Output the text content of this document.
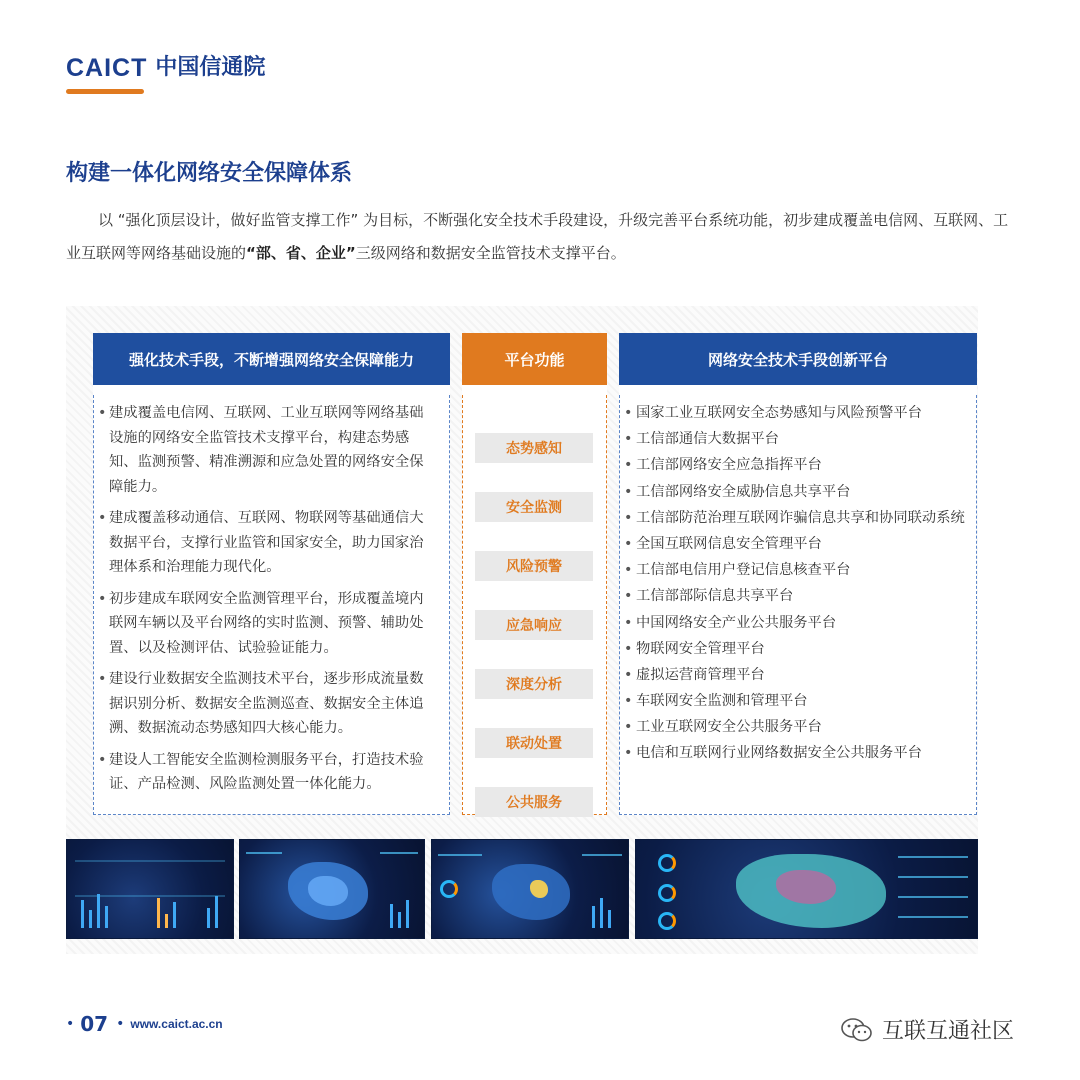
CAICT 中国信通院
构建一体化网络安全保障体系
以 “强化顶层设计，做好监管支撑工作” 为目标，不断强化安全技术手段建设，升级完善平台系统功能，初步建成覆盖电信网、互联网、工业互联网等网络基础设施的“部、省、企业”三级网络和数据安全监管技术支撑平台。
强化技术手段，不断增强网络安全保障能力
• 建成覆盖电信网、互联网、工业互联网等网络基础设施的网络安全监管技术支撑平台，构建态势感知、监测预警、精准溯源和应急处置的网络安全保障能力。
• 建成覆盖移动通信、互联网、物联网等基础通信大数据平台，支撑行业监管和国家安全，助力国家治理体系和治理能力现代化。
• 初步建成车联网安全监测管理平台，形成覆盖境内联网车辆以及平台网络的实时监测、预警、辅助处置、以及检测评估、试验验证能力。
• 建设行业数据安全监测技术平台，逐步形成流量数据识别分析、数据安全监测巡查、数据安全主体追溯、数据流动态势感知四大核心能力。
• 建设人工智能安全监测检测服务平台，打造技术验证、产品检测、风险监测处置一体化能力。
平台功能
态势感知
安全监测
风险预警
应急响应
深度分析
联动处置
公共服务
网络安全技术手段创新平台
• 国家工业互联网安全态势感知与风险预警平台
• 工信部通信大数据平台
• 工信部网络安全应急指挥平台
• 工信部网络安全威胁信息共享平台
• 工信部防范治理互联网诈骗信息共享和协同联动系统
• 全国互联网信息安全管理平台
• 工信部电信用户登记信息核查平台
• 工信部部际信息共享平台
• 中国网络安全产业公共服务平台
• 物联网安全管理平台
• 虚拟运营商管理平台
• 车联网安全监测和管理平台
• 工业互联网安全公共服务平台
• 电信和互联网行业网络数据安全公共服务平台
• 07 • www.caict.ac.cn	互联互通社区
